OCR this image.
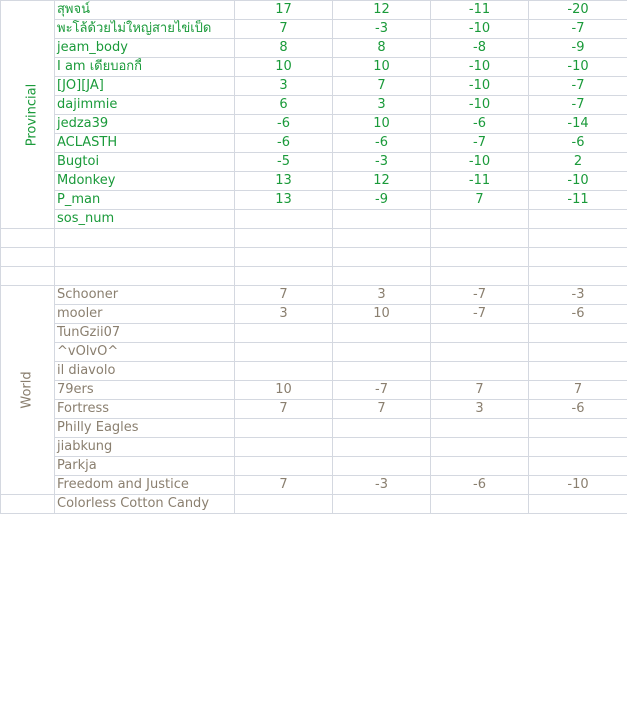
Provincial	สุพจน์	17	12	-11	-20
	พะโล้ด้วยไม่ใหญ่สายไข่เป็ด	7	-3	-10	-7
	jeam_body	8	8	-8	-9
	I am เดียบอกกี้	10	10	-10	-10
	[JO][JA]	3	7	-10	-7
	dajimmie	6	3	-10	-7
	jedza39	-6	10	-6	-14
	ACLASTH	-6	-6	-7	-6
	Bugtoi	-5	-3	-10	2
	Mdonkey	13	12	-11	-10
	P_man	13	-9	7	-11
	sos_num				

World	Schooner	7	3	-7	-3
	mooler	3	10	-7	-6
	TunGzii07				
	^vOlvO^				
	il diavolo				
	79ers	10	-7	7	7
	Fortress	7	7	3	-6
	Philly Eagles				
	jiabkung				
	Parkja				
	Freedom and Justice	7	-3	-6	-10
	Colorless Cotton Candy				
